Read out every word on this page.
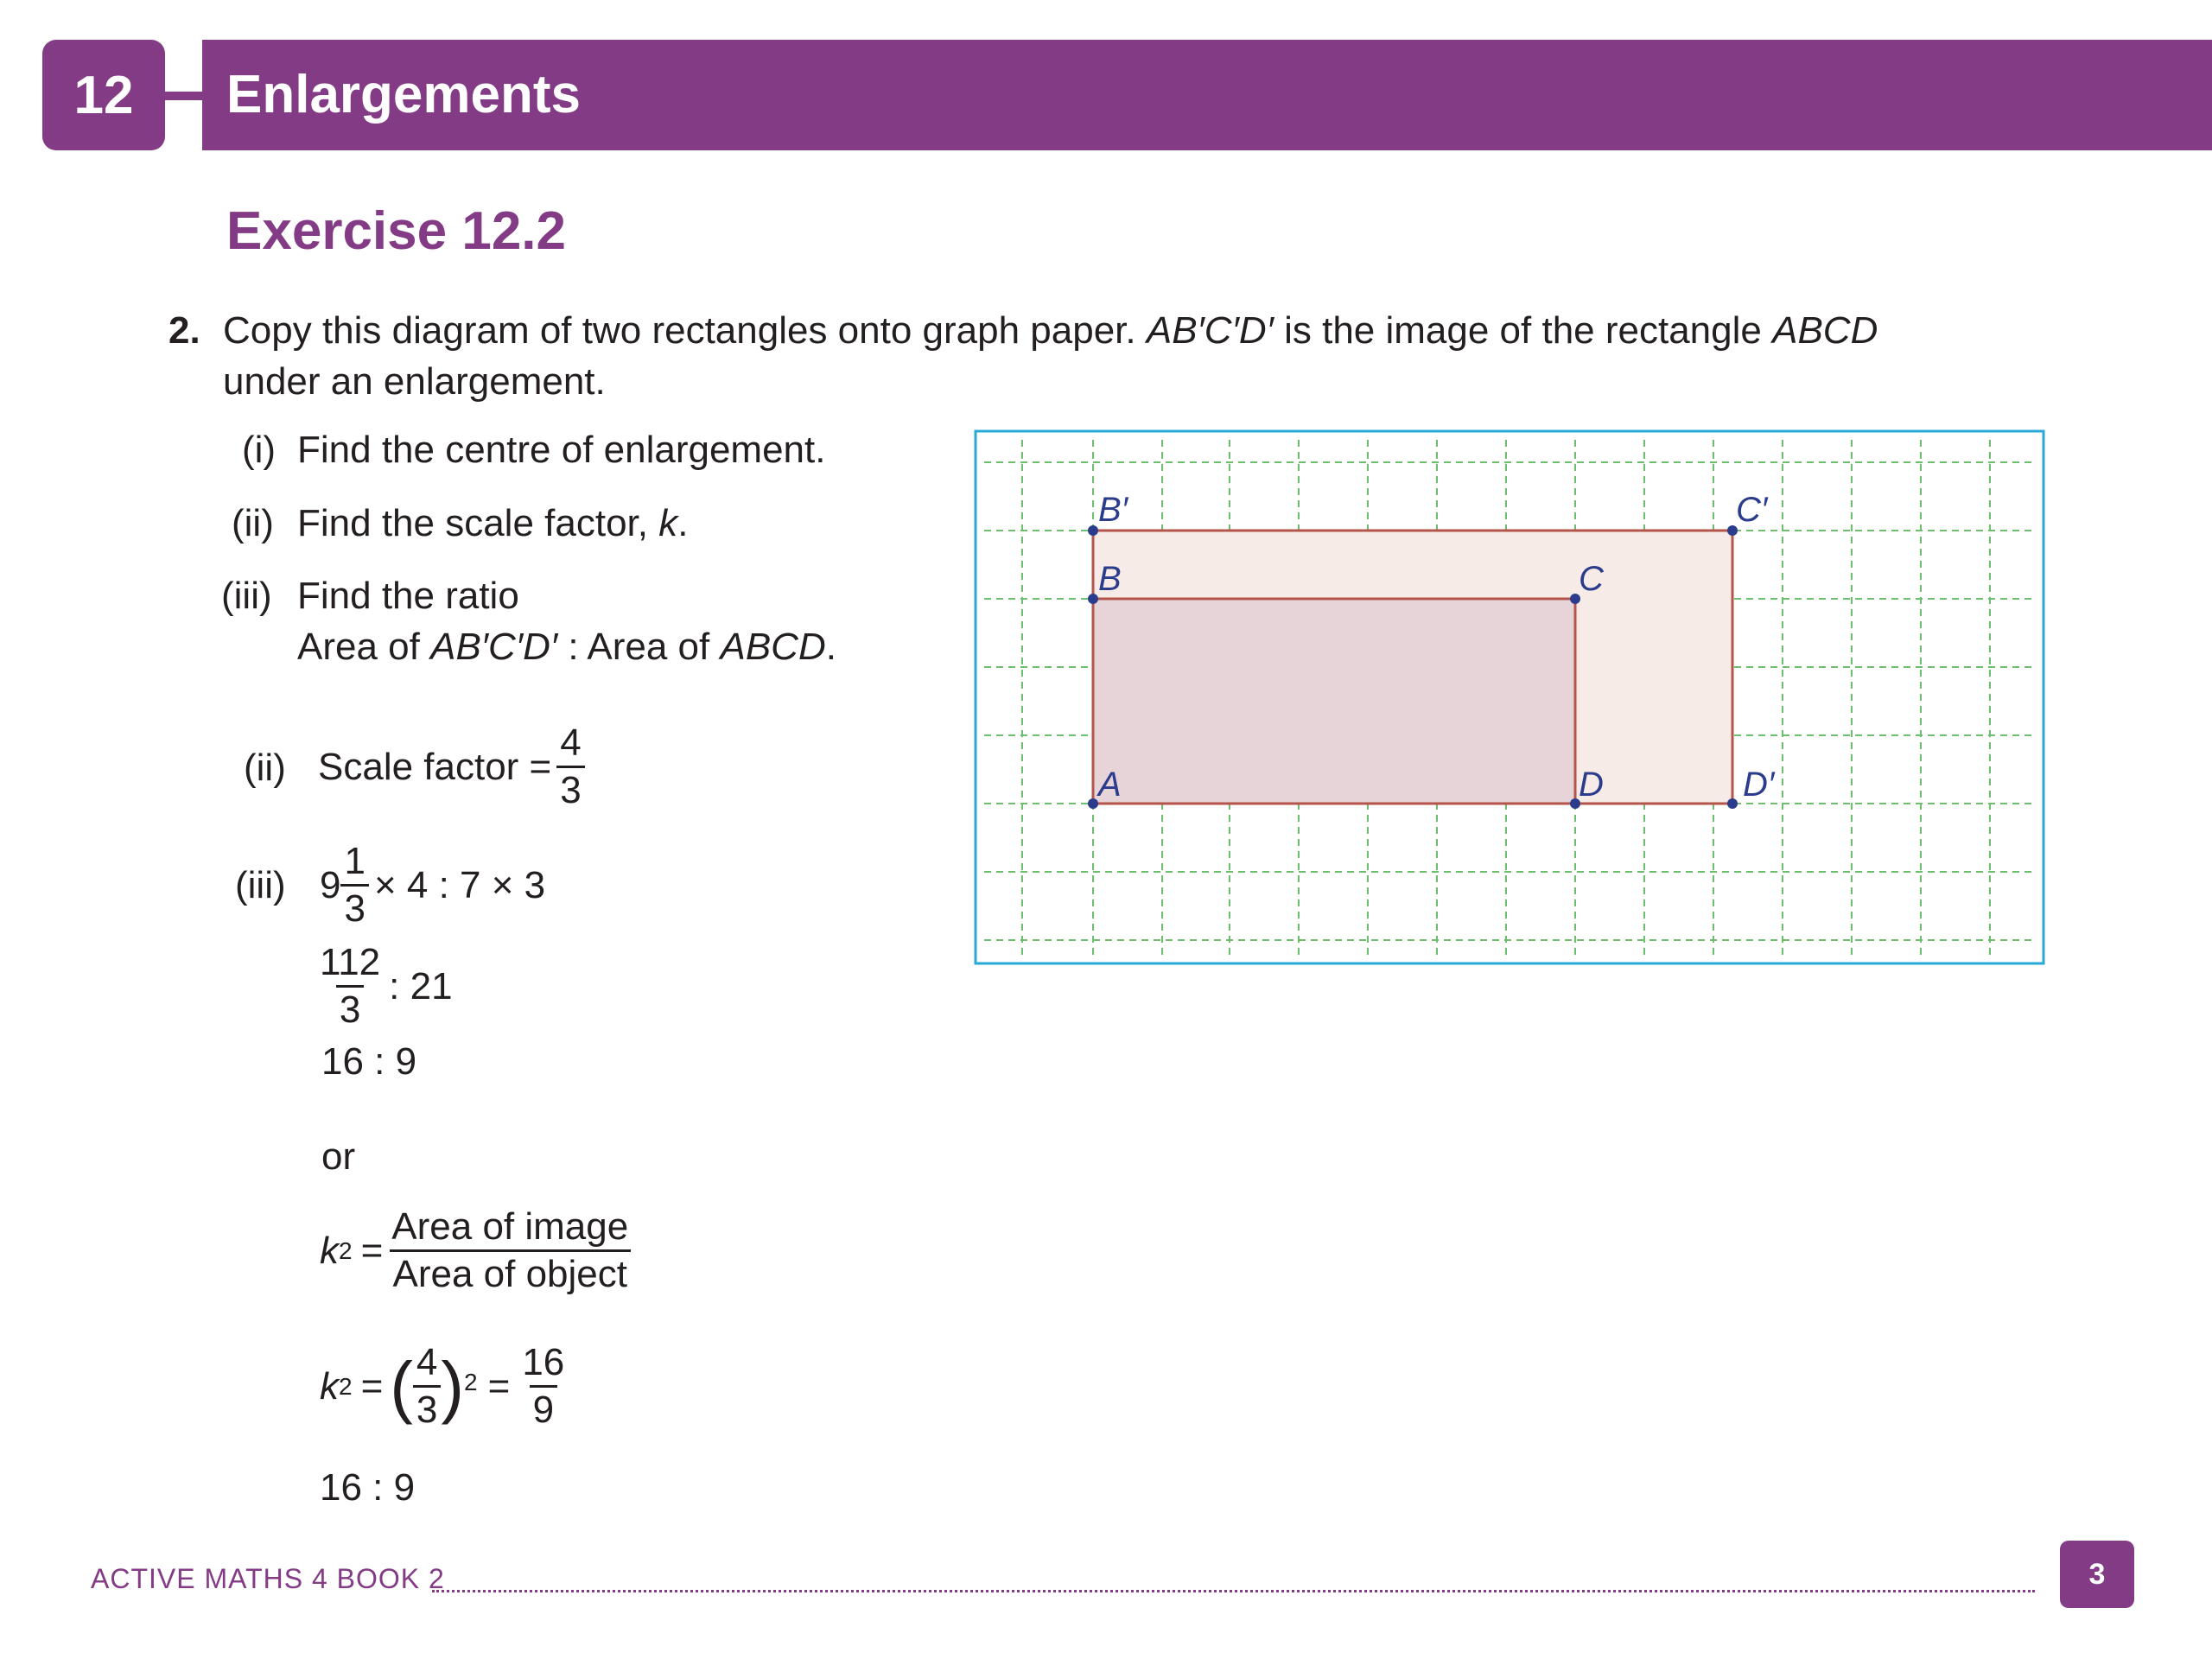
12 Enlargements
Exercise 12.2
2. Copy this diagram of two rectangles onto graph paper. AB′C′D′ is the image of the rectangle ABCD
under an enlargement.
(i) Find the centre of enlargement.
(ii) Find the scale factor, k.
(iii) Find the ratio
Area of AB′C′D′ : Area of ABCD.
(ii) Scale factor = $\frac{4}{3}$
(iii) $9 \frac{1}{3} \times 4$ : 7 × 3
$\frac{112}{3}$ : 21
16 : 9
or
k $2 = \frac{\text{Area of image}}{\text{Area of object}}$
k 2 = ( $\frac{4}{3}$ ) $2 = \frac{16}{9}$
16 : 9
B′	C′
B	C
A	D	D′
ACTIVE MATHS 4 BOOK 2	3
